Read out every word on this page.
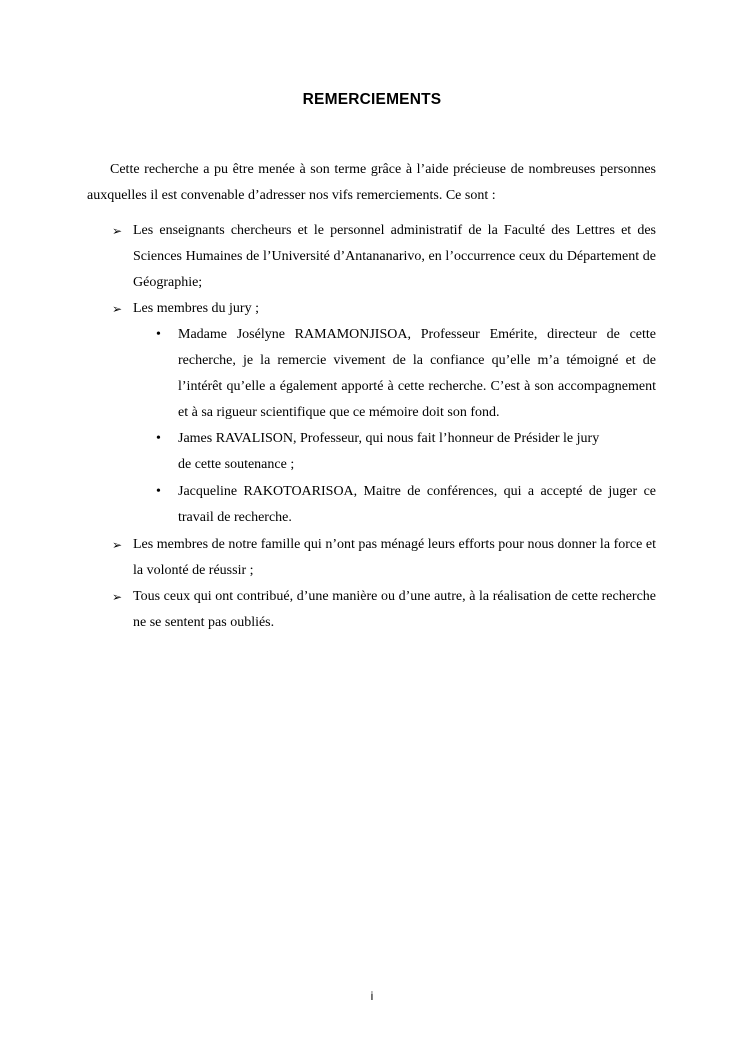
REMERCIEMENTS

Cette recherche a pu être menée à son terme grâce à l’aide précieuse de nombreuses personnes auxquelles il est convenable d’adresser nos vifs remerciements. Ce sont :

➢ Les enseignants chercheurs et le personnel administratif de la Faculté des Lettres et des Sciences Humaines de l’Université d’Antananarivo, en l’occurrence ceux du Département de Géographie;
➢ Les membres du jury ;
• Madame Josélyne RAMAMONJISOA, Professeur Emérite, directeur de cette recherche, je la remercie vivement de la confiance qu’elle m’a témoigné et de l’intérêt qu’elle a également apporté à cette recherche. C’est à son accompagnement et à sa rigueur scientifique que ce mémoire doit son fond.
• James RAVALISON, Professeur, qui nous fait l’honneur de Présider le jury
de cette soutenance ;
• Jacqueline RAKOTOARISOA, Maitre de conférences, qui a accepté de juger ce travail de recherche.
➢ Les membres de notre famille qui n’ont pas ménagé leurs efforts pour nous donner la force et la volonté de réussir ;
➢ Tous ceux qui ont contribué, d’une manière ou d’une autre, à la réalisation de cette recherche ne se sentent pas oubliés.
i
